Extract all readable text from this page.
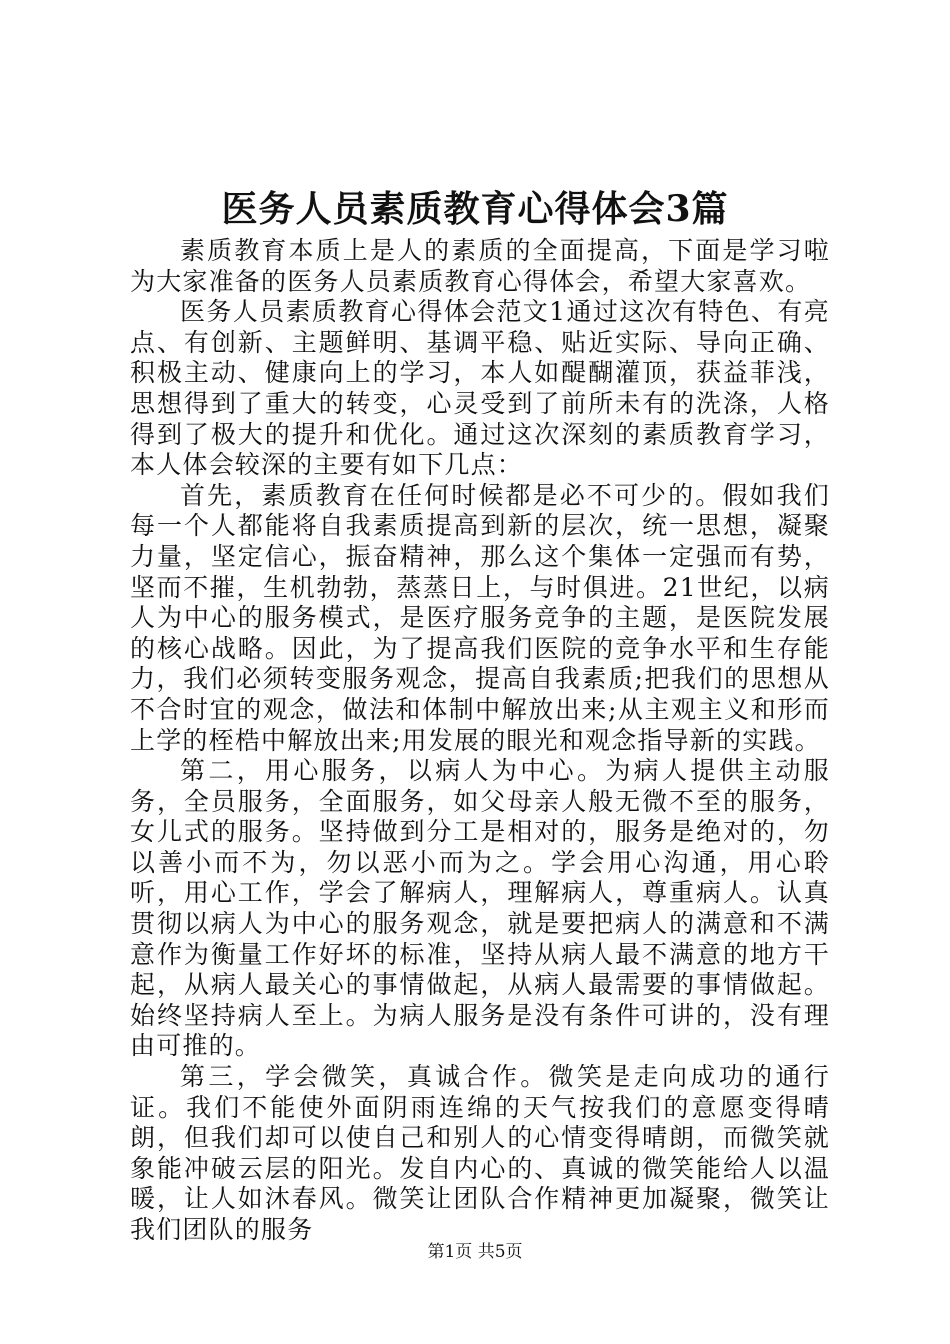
医务人员素质教育心得体会3篇

素质教育本质上是人的素质的全面提高，下面是学习啦为大家准备的医务人员素质教育心得体会，希望大家喜欢。

医务人员素质教育心得体会范文1通过这次有特色、有亮点、有创新、主题鲜明、基调平稳、贴近实际、导向正确、积极主动、健康向上的学习，本人如醍醐灌顶，获益菲浅，思想得到了重大的转变，心灵受到了前所未有的洗涤，人格得到了极大的提升和优化。通过这次深刻的素质教育学习，本人体会较深的主要有如下几点：

首先，素质教育在任何时候都是必不可少的。假如我们每一个人都能将自我素质提高到新的层次，统一思想，凝聚力量，坚定信心，振奋精神，那么这个集体一定强而有势，坚而不摧，生机勃勃，蒸蒸日上，与时俱进。21世纪，以病人为中心的服务模式，是医疗服务竞争的主题，是医院发展的核心战略。因此，为了提高我们医院的竞争水平和生存能力，我们必须转变服务观念，提高自我素质;把我们的思想从不合时宜的观念，做法和体制中解放出来;从主观主义和形而上学的桎梏中解放出来;用发展的眼光和观念指导新的实践。

第二，用心服务，以病人为中心。为病人提供主动服务，全员服务，全面服务，如父母亲人般无微不至的服务，女儿式的服务。坚持做到分工是相对的，服务是绝对的，勿以善小而不为，勿以恶小而为之。学会用心沟通，用心聆听，用心工作，学会了解病人，理解病人，尊重病人。认真贯彻以病人为中心的服务观念，就是要把病人的满意和不满意作为衡量工作好坏的标准，坚持从病人最不满意的地方干起，从病人最关心的事情做起，从病人最需要的事情做起。始终坚持病人至上。为病人服务是没有条件可讲的，没有理由可推的。

第三，学会微笑，真诚合作。微笑是走向成功的通行证。我们不能使外面阴雨连绵的天气按我们的意愿变得晴朗，但我们却可以使自己和别人的心情变得晴朗，而微笑就象能冲破云层的阳光。发自内心的、真诚的微笑能给人以温暖，让人如沐春风。微笑让团队合作精神更加凝聚，微笑让我们团队的服务

第1页 共5页
